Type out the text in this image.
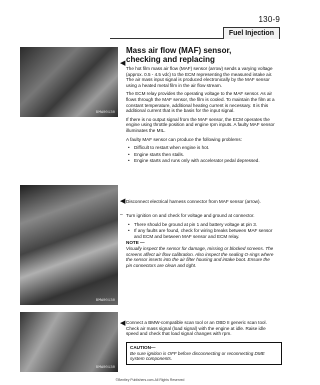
130-9
Fuel Injection
BMW00130
BMW00130
BMW00130
◀
◀
–
◀

Mass air flow (MAF) sensor,

checking and replacing

The hot film mass air flow (MAF) sensor (arrow) sends a varying voltage (approx. 0.5 - 4.5 vdc) to the ECM representing the measured intake air. The air mass input signal is produced electronically by the MAF sensor using a heated metal film in the air flow stream.

The ECM relay provides the operating voltage to the MAF sensor. As air flows through the MAF sensor, the film is cooled. To maintain the film at a constant temperature, additional heating current is necessary. It is this additional current that is the basis for the input signal.

If there is no output signal from the MAF sensor, the ECM operates the engine using throttle position and engine rpm inputs. A faulty MAF sensor illuminates the MIL.

A faulty MAF sensor can produce the following problems:

• Difficult to restart when engine is hot.

• Engine starts then stalls.

• Engine starts and runs only with accelerator pedal depressed.

Disconnect electrical harness connector from MAF sensor (arrow).

Turn ignition on and check for voltage and ground at connector.

• There should be ground at pin 1 and battery voltage at pin 3.

• If any faults are found, check for wiring breaks between MAF sensor and ECM and between MAF sensor and ECM relay.

NOTE —

Visually inspect the sensor for damage, missing or blocked screens. The screens affect air flow calibration. Also inspect the sealing O-rings where the sensor inserts into the air filter housing and intake boot. Ensure the pin connectors are clean and tight.

Connect a BMW-compatible scan tool or an OBD II generic scan tool. Check air mass signal (load signal) with the engine at idle. Raise idle speed and check that load signal changes with rpm.

CAUTION—

Be sure ignition is OFF before disconnecting or reconnecting DME system components.

©Bentley Publishers.com-All Rights Reserved
